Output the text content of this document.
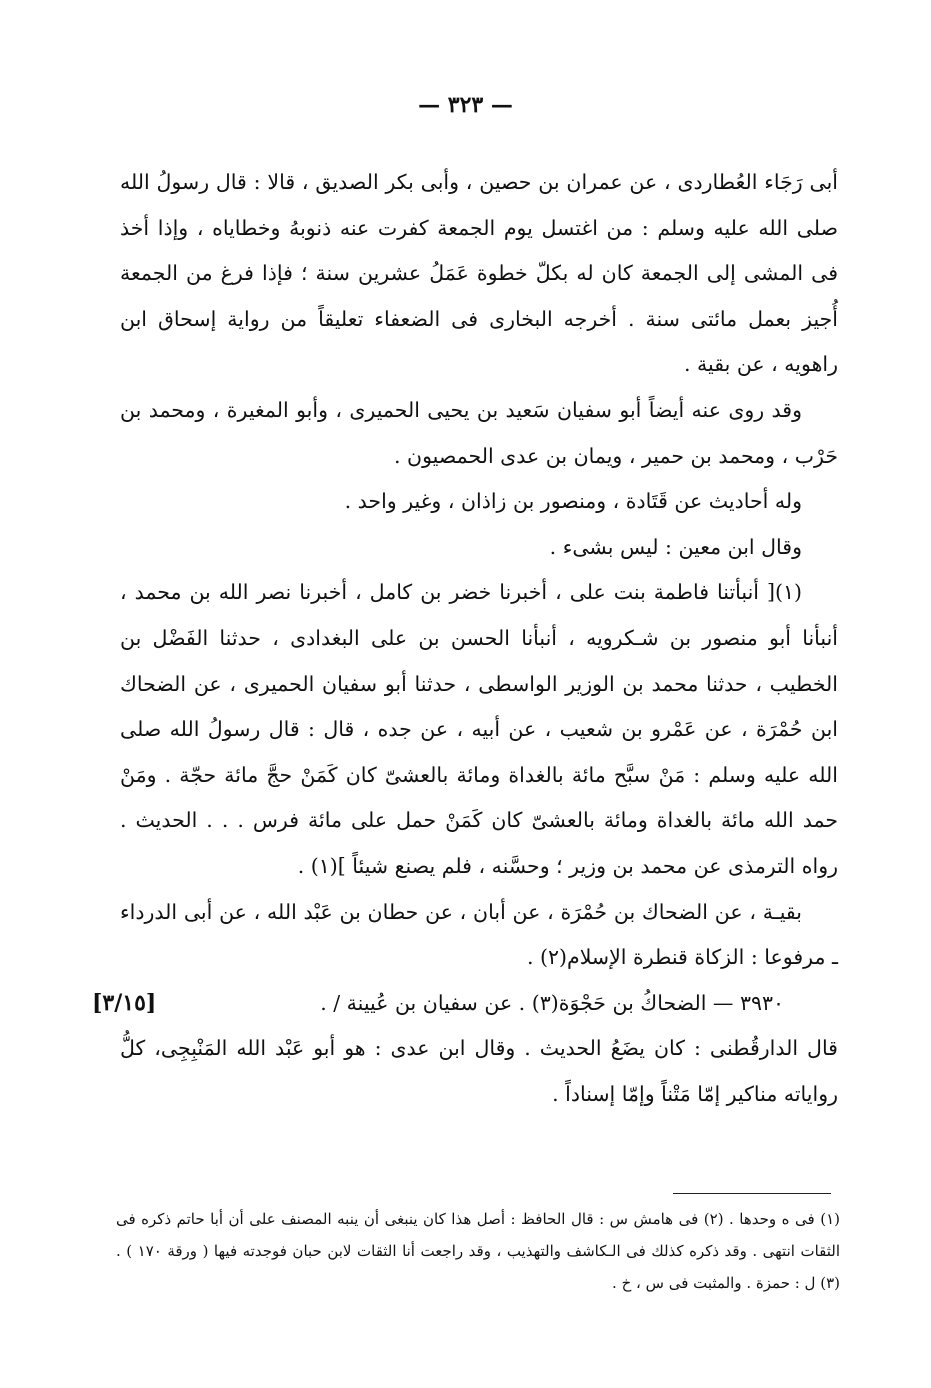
— ٣٢٣ —

أبى رَجَاء العُطاردى ، عن عمران بن حصين ، وأبى بكر الصديق ، قالا : قال رسولُ الله صلى الله عليه وسلم : من اغتسل يوم الجمعة كفرت عنه ذنوبهُ وخطاياه ، وإذا أخذ فى المشى إلى الجمعة كان له بكلّ خطوة عَمَلُ عشرين سنة ؛ فإذا فرغ من الجمعة أُجيز بعمل مائتى سنة . أخرجه البخارى فى الضعفاء تعليقاً من رواية إسحاق ابن راهويه ، عن بقية .

وقد روى عنه أيضاً أبو سفيان سَعيد بن يحيى الحميرى ، وأبو المغيرة ، ومحمد بن حَرْب ، ومحمد بن حمير ، ويمان بن عدى الحمصيون .

وله أحاديث عن قَتَادة ، ومنصور بن زاذان ، وغير واحد .

وقال ابن معين : ليس بشىء .

(١)[ أنبأتنا فاطمة بنت على ، أخبرنا خضر بن كامل ، أخبرنا نصر الله بن محمد ، أنبأنا أبو منصور بن شـكرويه ، أنبأنا الحسن بن على البغدادى ، حدثنا الفَضْل بن الخطيب ، حدثنا محمد بن الوزير الواسطى ، حدثنا أبو سفيان الحميرى ، عن الضحاك ابن حُمْرَة ، عن عَمْرو بن شعيب ، عن أبيه ، عن جده ، قال : قال رسولُ الله صلى الله عليه وسلم : مَنْ سبَّح مائة بالغداة ومائة بالعشىّ كان كَمَنْ حجَّ مائة حجّة . ومَنْ حمد الله مائة بالغداة ومائة بالعشىّ كان كَمَنْ حمل على مائة فرس . . . الحديث . رواه الترمذى عن محمد بن وزير ؛ وحسَّنه ، فلم يصنع شيئاً ](١) .

بقيـة ، عن الضحاك بن حُمْرَة ، عن أبان ، عن حطان بن عَبْد الله ، عن أبى الدرداء ـ مرفوعا : الزكاة قنطرة الإسلام(٢) .

٣٩٣٠ — الضحاكُ بن حَجْوَة(٣) . عن سفيان بن عُيينة / .
[٣/١٥]

قال الدارقُطنى : كان يضَعُ الحديث . وقال ابن عدى : هو أبو عَبْد الله المَنْبِجِى، كلُّ رواياته مناكير إمّا مَتْناً وإمّا إسناداً .

(١) فى ه وحدها . (٢) فى هامش س : قال الحافظ : أصل هذا كان ينبغى أن ينبه المصنف على أن أبا حاتم ذكره فى الثقات انتهى . وقد ذكره كذلك فى الـكاشف والتهذيب ، وقد راجعت أنا الثقات لابن حبان فوجدته فيها ( ورقة ١٧٠ ) . (٣) ل : حمزة . والمثبت فى س ، خ .
